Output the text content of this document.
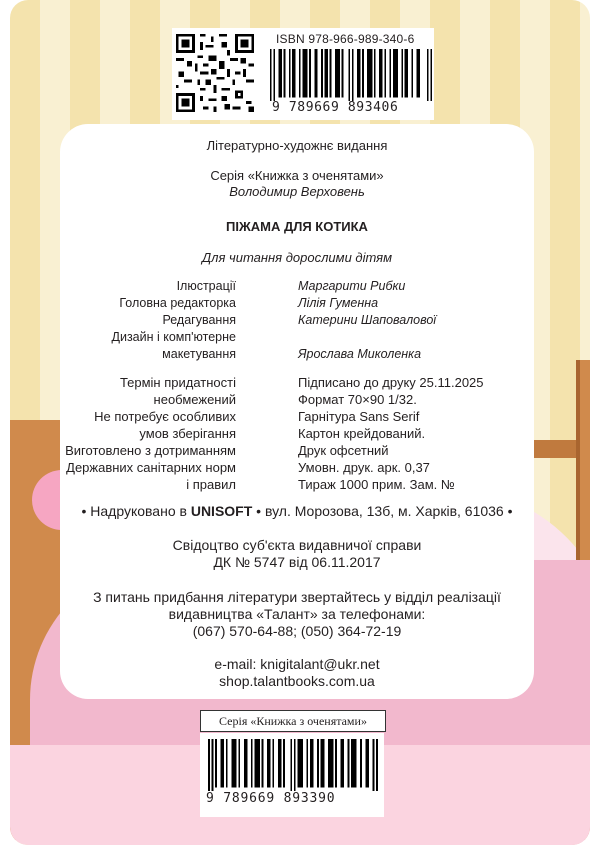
ISBN 978-966-989-340-6
9 789669 893406
Літературно-художнє видання
Серія «Книжка з оченятами»
Володимир Верховень
ПІЖАМА ДЛЯ КОТИКА
Для читання дорослими дітям
Ілюстрації	Маргарити Рибки
Головна редакторка	Лілія Гуменна
Редагування	Катерини Шаповалової
Дизайн і комп'ютерне
макетування	Ярослава Миколенка
Термін придатності	Підписано до друку 25.11.2025
необмежений	Формат 70×90 1/32.
Не потребує особливих	Гарнітура Sans Serif
умов зберігання	Картон крейдований.
Виготовлено з дотриманням	Друк офсетний
Державних санітарних норм	Умовн. друк. арк. 0,37
і правил	Тираж 1000 прим. Зам. №
• Надруковано в UNISOFT • вул. Морозова, 13б, м. Харків, 61036 •
Свідоцтво суб'єкта видавничої справи
ДК № 5747 від 06.11.2017
З питань придбання літератури звертайтесь у відділ реалізації
видавництва «Талант» за телефонами:
(067) 570-64-88; (050) 364-72-19
e-mail: knigitalant@ukr.net
shop.talantbooks.com.ua
Серія «Книжка з оченятами»
9 789669 893390
